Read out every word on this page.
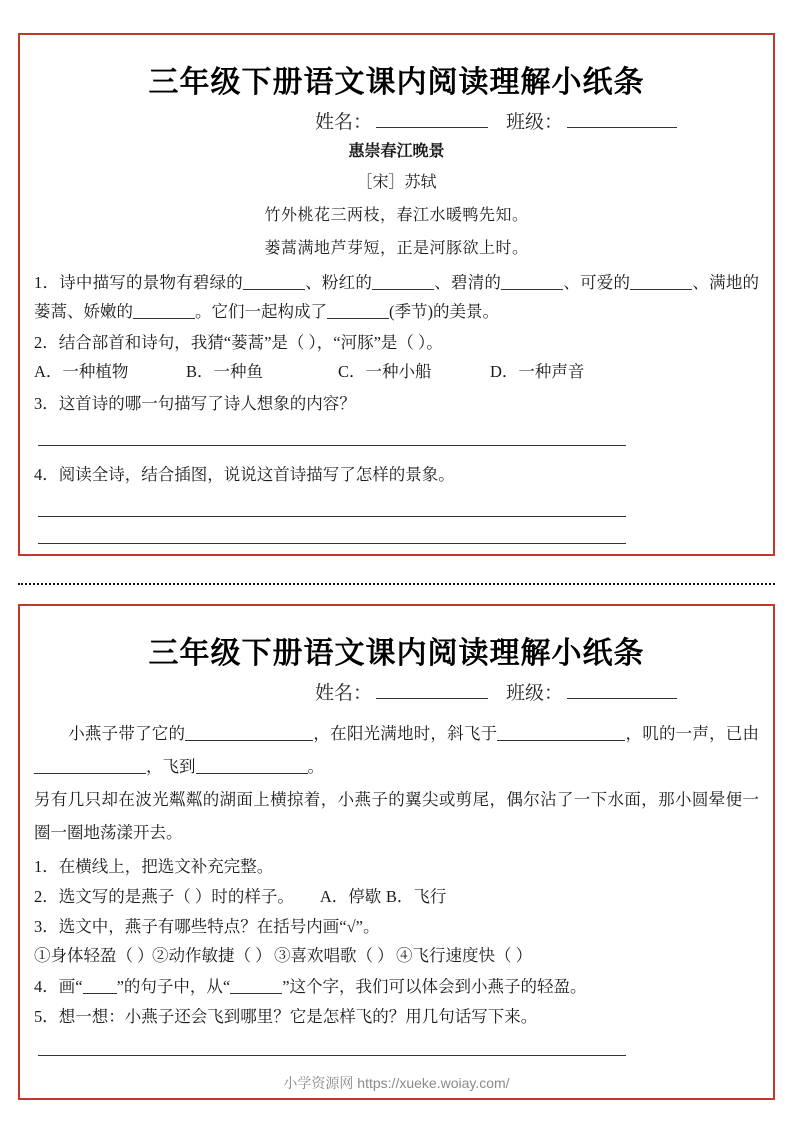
三年级下册语文课内阅读理解小纸条
姓名：	班级：
惠崇春江晚景
［宋］苏轼
竹外桃花三两枝，春江水暖鸭先知。
蒌蒿满地芦芽短，正是河豚欲上时。
1．诗中描写的景物有碧绿的	、粉红的	、碧清的	、可爱的	、满地的蒌蒿、娇嫩的	。它们一起构成了	(季节)的美景。
2．结合部首和诗句，我猜“蒌蒿”是（ ），“河豚”是（ ）。
A．一种植物	B．一种鱼	C．一种小船	D．一种声音
3．这首诗的哪一句描写了诗人想象的内容？
4．阅读全诗，结合插图，说说这首诗描写了怎样的景象。
三年级下册语文课内阅读理解小纸条
姓名：	班级：
小燕子带了它的	，在阳光满地时，斜飞于	，叽的一声，已由，飞到	。
另有几只却在波光粼粼的湖面上横掠着，小燕子的翼尖或剪尾，偶尔沾了一下水面，那小圆晕便一圈一圈地荡漾开去。
1．在横线上，把选文补充完整。
2．选文写的是燕子（ ）时的样子。 A．停歇 B．飞行
3．选文中，燕子有哪些特点？在括号内画“√”。
①身体轻盈（ ）
②动作敏捷（ ） ③喜欢唱歌（ ） ④飞行速度快（ ）
4．画“ ”的句子中，从“	”这个字，我们可以体会到小燕子的轻盈。
5．想一想：小燕子还会飞到哪里？它是怎样飞的？用几句话写下来。
小学资源网 https://xueke.woiay.com/
